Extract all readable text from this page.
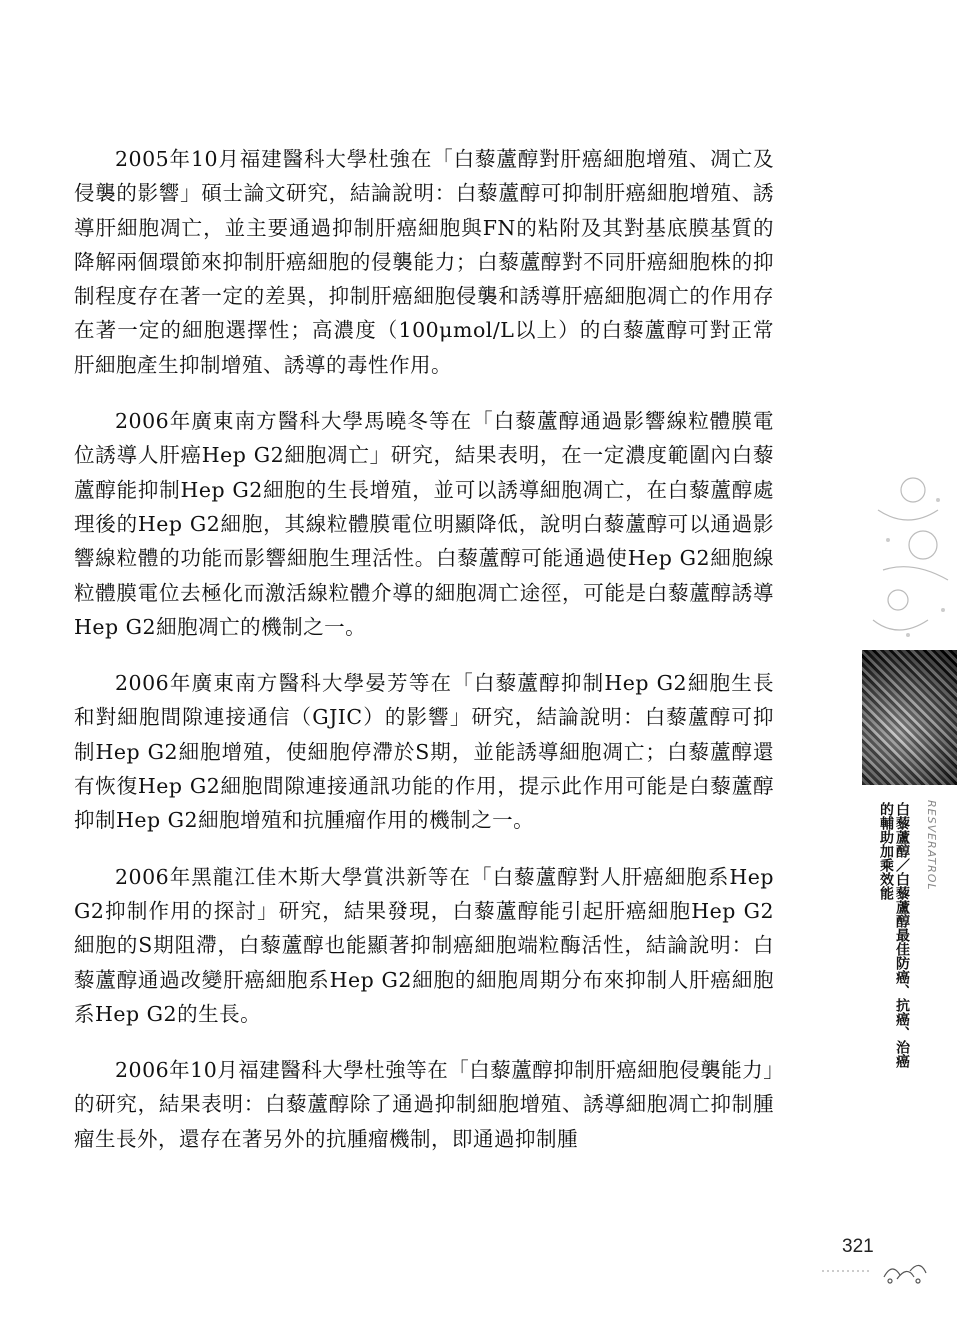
2005年10月福建醫科大學杜強在「白藜蘆醇對肝癌細胞增殖、凋亡及侵襲的影響」碩士論文研究，結論說明：白藜蘆醇可抑制肝癌細胞增殖、誘導肝細胞凋亡，並主要通過抑制肝癌細胞與FN的粘附及其對基底膜基質的降解兩個環節來抑制肝癌細胞的侵襲能力；白藜蘆醇對不同肝癌細胞株的抑制程度存在著一定的差異，抑制肝癌細胞侵襲和誘導肝癌細胞凋亡的作用存在著一定的細胞選擇性；高濃度（100μmol/L以上）的白藜蘆醇可對正常肝細胞產生抑制增殖、誘導的毒性作用。

2006年廣東南方醫科大學馬曉冬等在「白藜蘆醇通過影響線粒體膜電位誘導人肝癌Hep G2細胞凋亡」研究，結果表明，在一定濃度範圍內白藜蘆醇能抑制Hep G2細胞的生長增殖，並可以誘導細胞凋亡，在白藜蘆醇處理後的Hep G2細胞，其線粒體膜電位明顯降低，說明白藜蘆醇可以通過影響線粒體的功能而影響細胞生理活性。白藜蘆醇可能通過使Hep G2細胞線粒體膜電位去極化而激活線粒體介導的細胞凋亡途徑，可能是白藜蘆醇誘導Hep G2細胞凋亡的機制之一。

2006年廣東南方醫科大學晏芳等在「白藜蘆醇抑制Hep G2細胞生長和對細胞間隙連接通信（GJIC）的影響」研究，結論說明：白藜蘆醇可抑制Hep G2細胞增殖，使細胞停滯於S期，並能誘導細胞凋亡；白藜蘆醇還有恢復Hep G2細胞間隙連接通訊功能的作用，提示此作用可能是白藜蘆醇抑制Hep G2細胞增殖和抗腫瘤作用的機制之一。

2006年黑龍江佳木斯大學賞洪新等在「白藜蘆醇對人肝癌細胞系Hep G2抑制作用的探討」研究，結果發現，白藜蘆醇能引起肝癌細胞Hep G2細胞的S期阻滯，白藜蘆醇也能顯著抑制癌細胞端粒酶活性，結論說明：白藜蘆醇通過改變肝癌細胞系Hep G2細胞的細胞周期分布來抑制人肝癌細胞系Hep G2的生長。

2006年10月福建醫科大學杜強等在「白藜蘆醇抑制肝癌細胞侵襲能力」的研究，結果表明：白藜蘆醇除了通過抑制細胞增殖、誘導細胞凋亡抑制腫瘤生長外，還存在著另外的抗腫瘤機制，即通過抑制腫

RESVERATROL
白藜蘆醇／白藜蘆醇最佳防癌、抗癌、治癌
的輔助加乘效能
321
